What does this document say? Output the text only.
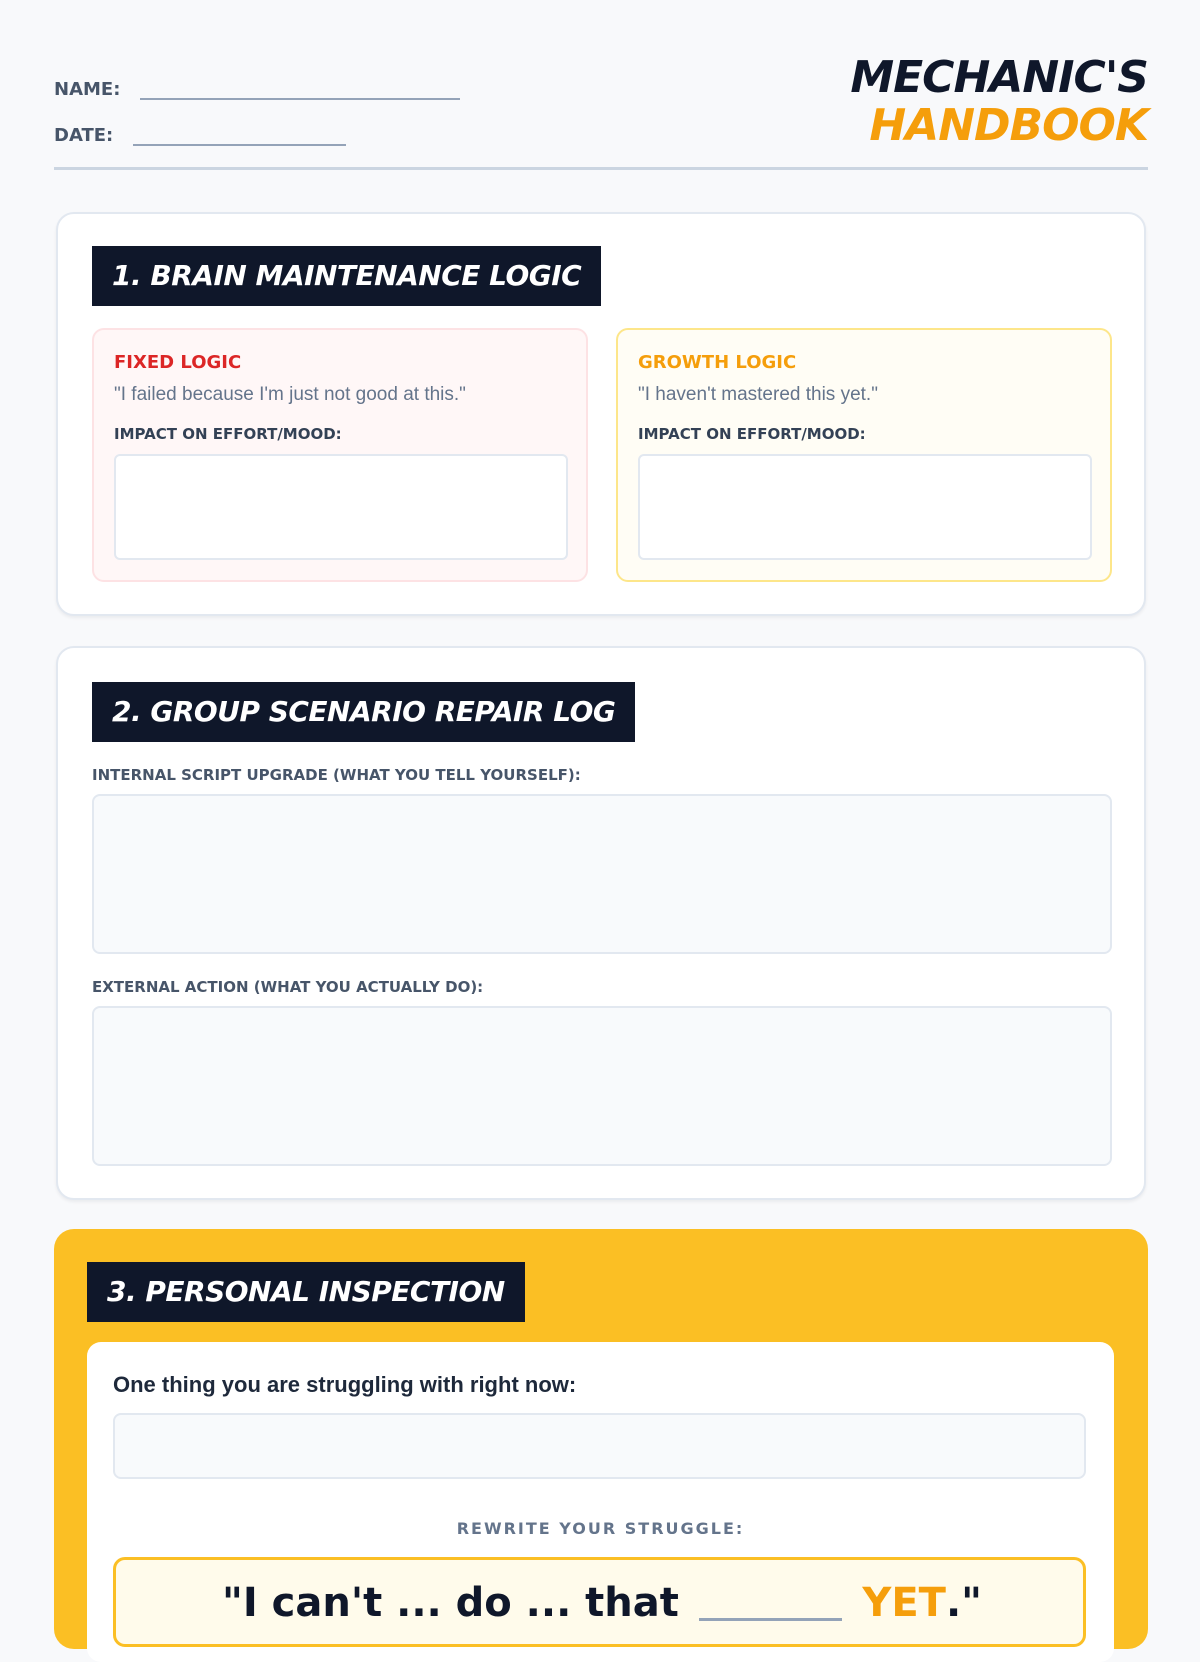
NAME:
DATE:
MECHANIC'S
HANDBOOK
1. BRAIN MAINTENANCE LOGIC
FIXED LOGIC
"I failed because I'm just not good at this."
IMPACT ON EFFORT/MOOD:
GROWTH LOGIC
"I haven't mastered this yet."
IMPACT ON EFFORT/MOOD:
2. GROUP SCENARIO REPAIR LOG
INTERNAL SCRIPT UPGRADE (WHAT YOU TELL YOURSELF):
EXTERNAL ACTION (WHAT YOU ACTUALLY DO):
3. PERSONAL INSPECTION
One thing you are struggling with right now:
REWRITE YOUR STRUGGLE:
"I can't ... do ... that	YET ."
